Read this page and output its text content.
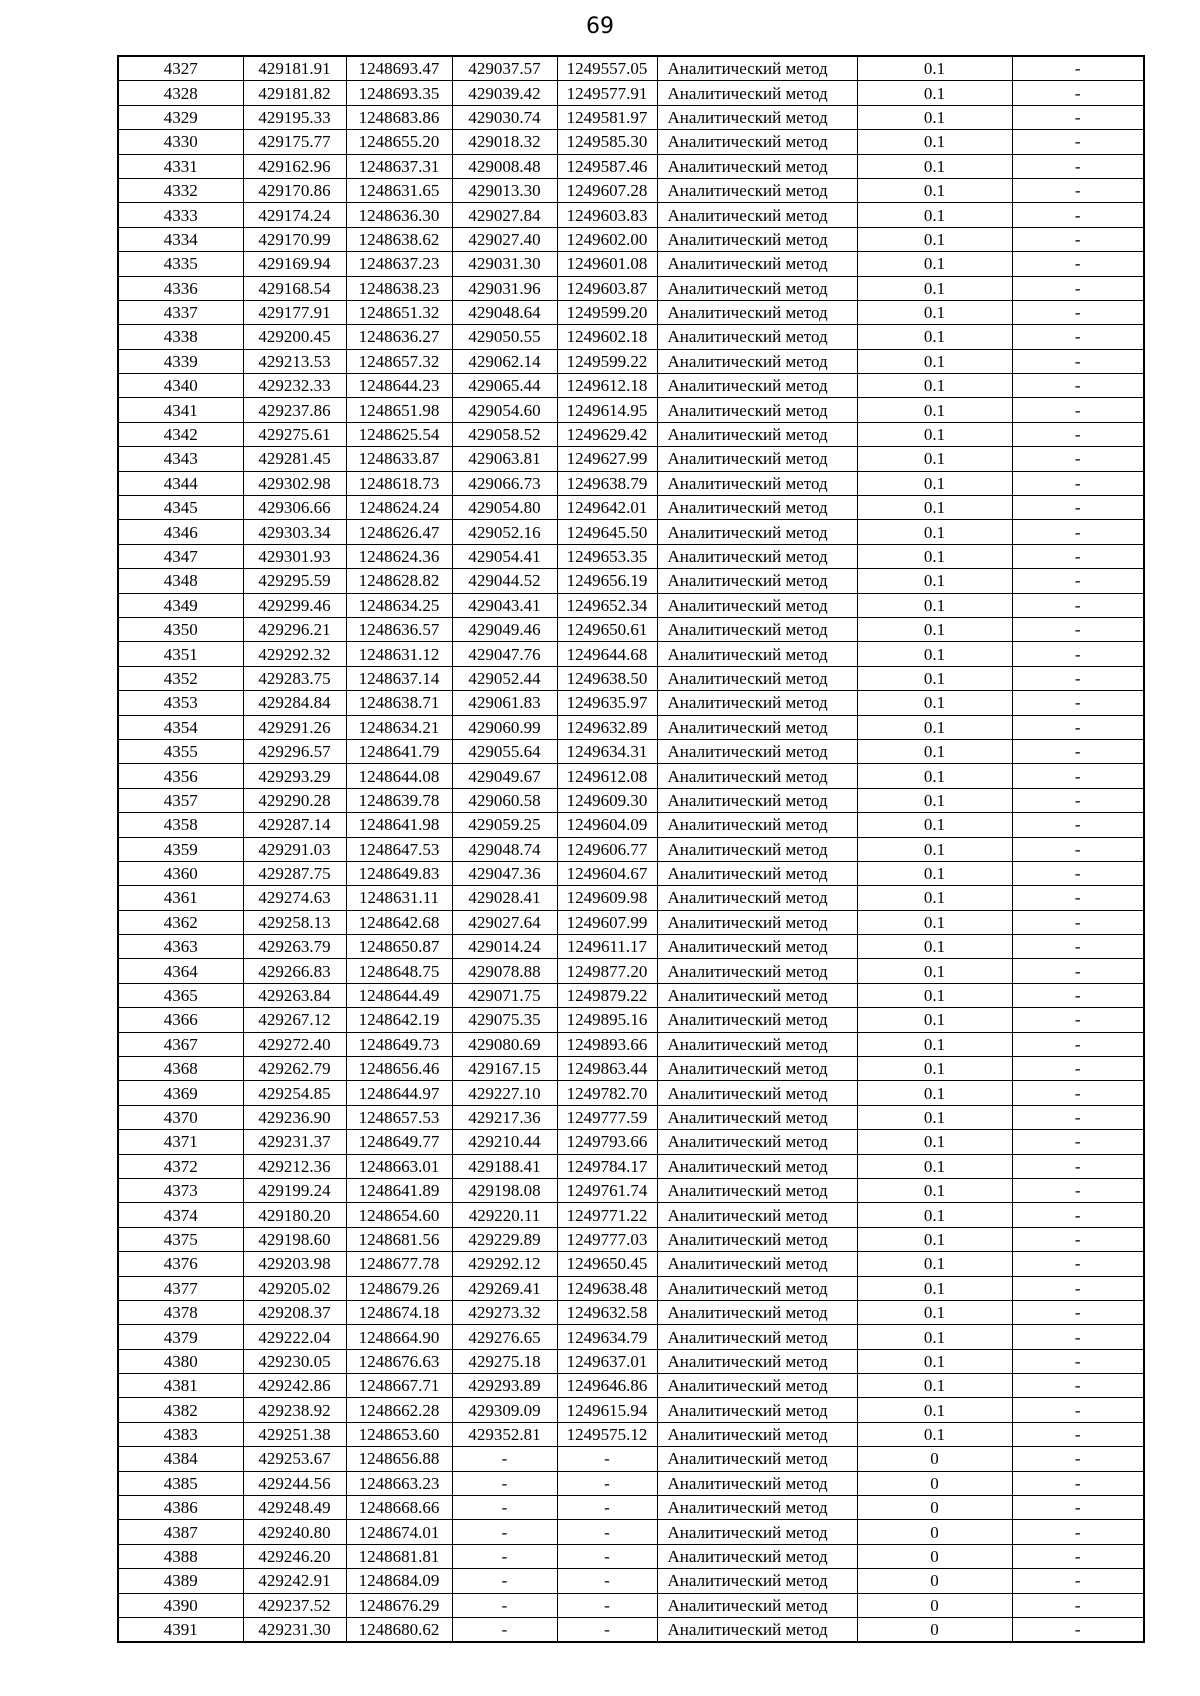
69
4327	429181.91	1248693.47	429037.57	1249557.05	Аналитический метод	0.1	-
4328	429181.82	1248693.35	429039.42	1249577.91	Аналитический метод	0.1	-
4329	429195.33	1248683.86	429030.74	1249581.97	Аналитический метод	0.1	-
4330	429175.77	1248655.20	429018.32	1249585.30	Аналитический метод	0.1	-
4331	429162.96	1248637.31	429008.48	1249587.46	Аналитический метод	0.1	-
4332	429170.86	1248631.65	429013.30	1249607.28	Аналитический метод	0.1	-
4333	429174.24	1248636.30	429027.84	1249603.83	Аналитический метод	0.1	-
4334	429170.99	1248638.62	429027.40	1249602.00	Аналитический метод	0.1	-
4335	429169.94	1248637.23	429031.30	1249601.08	Аналитический метод	0.1	-
4336	429168.54	1248638.23	429031.96	1249603.87	Аналитический метод	0.1	-
4337	429177.91	1248651.32	429048.64	1249599.20	Аналитический метод	0.1	-
4338	429200.45	1248636.27	429050.55	1249602.18	Аналитический метод	0.1	-
4339	429213.53	1248657.32	429062.14	1249599.22	Аналитический метод	0.1	-
4340	429232.33	1248644.23	429065.44	1249612.18	Аналитический метод	0.1	-
4341	429237.86	1248651.98	429054.60	1249614.95	Аналитический метод	0.1	-
4342	429275.61	1248625.54	429058.52	1249629.42	Аналитический метод	0.1	-
4343	429281.45	1248633.87	429063.81	1249627.99	Аналитический метод	0.1	-
4344	429302.98	1248618.73	429066.73	1249638.79	Аналитический метод	0.1	-
4345	429306.66	1248624.24	429054.80	1249642.01	Аналитический метод	0.1	-
4346	429303.34	1248626.47	429052.16	1249645.50	Аналитический метод	0.1	-
4347	429301.93	1248624.36	429054.41	1249653.35	Аналитический метод	0.1	-
4348	429295.59	1248628.82	429044.52	1249656.19	Аналитический метод	0.1	-
4349	429299.46	1248634.25	429043.41	1249652.34	Аналитический метод	0.1	-
4350	429296.21	1248636.57	429049.46	1249650.61	Аналитический метод	0.1	-
4351	429292.32	1248631.12	429047.76	1249644.68	Аналитический метод	0.1	-
4352	429283.75	1248637.14	429052.44	1249638.50	Аналитический метод	0.1	-
4353	429284.84	1248638.71	429061.83	1249635.97	Аналитический метод	0.1	-
4354	429291.26	1248634.21	429060.99	1249632.89	Аналитический метод	0.1	-
4355	429296.57	1248641.79	429055.64	1249634.31	Аналитический метод	0.1	-
4356	429293.29	1248644.08	429049.67	1249612.08	Аналитический метод	0.1	-
4357	429290.28	1248639.78	429060.58	1249609.30	Аналитический метод	0.1	-
4358	429287.14	1248641.98	429059.25	1249604.09	Аналитический метод	0.1	-
4359	429291.03	1248647.53	429048.74	1249606.77	Аналитический метод	0.1	-
4360	429287.75	1248649.83	429047.36	1249604.67	Аналитический метод	0.1	-
4361	429274.63	1248631.11	429028.41	1249609.98	Аналитический метод	0.1	-
4362	429258.13	1248642.68	429027.64	1249607.99	Аналитический метод	0.1	-
4363	429263.79	1248650.87	429014.24	1249611.17	Аналитический метод	0.1	-
4364	429266.83	1248648.75	429078.88	1249877.20	Аналитический метод	0.1	-
4365	429263.84	1248644.49	429071.75	1249879.22	Аналитический метод	0.1	-
4366	429267.12	1248642.19	429075.35	1249895.16	Аналитический метод	0.1	-
4367	429272.40	1248649.73	429080.69	1249893.66	Аналитический метод	0.1	-
4368	429262.79	1248656.46	429167.15	1249863.44	Аналитический метод	0.1	-
4369	429254.85	1248644.97	429227.10	1249782.70	Аналитический метод	0.1	-
4370	429236.90	1248657.53	429217.36	1249777.59	Аналитический метод	0.1	-
4371	429231.37	1248649.77	429210.44	1249793.66	Аналитический метод	0.1	-
4372	429212.36	1248663.01	429188.41	1249784.17	Аналитический метод	0.1	-
4373	429199.24	1248641.89	429198.08	1249761.74	Аналитический метод	0.1	-
4374	429180.20	1248654.60	429220.11	1249771.22	Аналитический метод	0.1	-
4375	429198.60	1248681.56	429229.89	1249777.03	Аналитический метод	0.1	-
4376	429203.98	1248677.78	429292.12	1249650.45	Аналитический метод	0.1	-
4377	429205.02	1248679.26	429269.41	1249638.48	Аналитический метод	0.1	-
4378	429208.37	1248674.18	429273.32	1249632.58	Аналитический метод	0.1	-
4379	429222.04	1248664.90	429276.65	1249634.79	Аналитический метод	0.1	-
4380	429230.05	1248676.63	429275.18	1249637.01	Аналитический метод	0.1	-
4381	429242.86	1248667.71	429293.89	1249646.86	Аналитический метод	0.1	-
4382	429238.92	1248662.28	429309.09	1249615.94	Аналитический метод	0.1	-
4383	429251.38	1248653.60	429352.81	1249575.12	Аналитический метод	0.1	-
4384	429253.67	1248656.88	-	-	Аналитический метод	0	-
4385	429244.56	1248663.23	-	-	Аналитический метод	0	-
4386	429248.49	1248668.66	-	-	Аналитический метод	0	-
4387	429240.80	1248674.01	-	-	Аналитический метод	0	-
4388	429246.20	1248681.81	-	-	Аналитический метод	0	-
4389	429242.91	1248684.09	-	-	Аналитический метод	0	-
4390	429237.52	1248676.29	-	-	Аналитический метод	0	-
4391	429231.30	1248680.62	-	-	Аналитический метод	0	-
